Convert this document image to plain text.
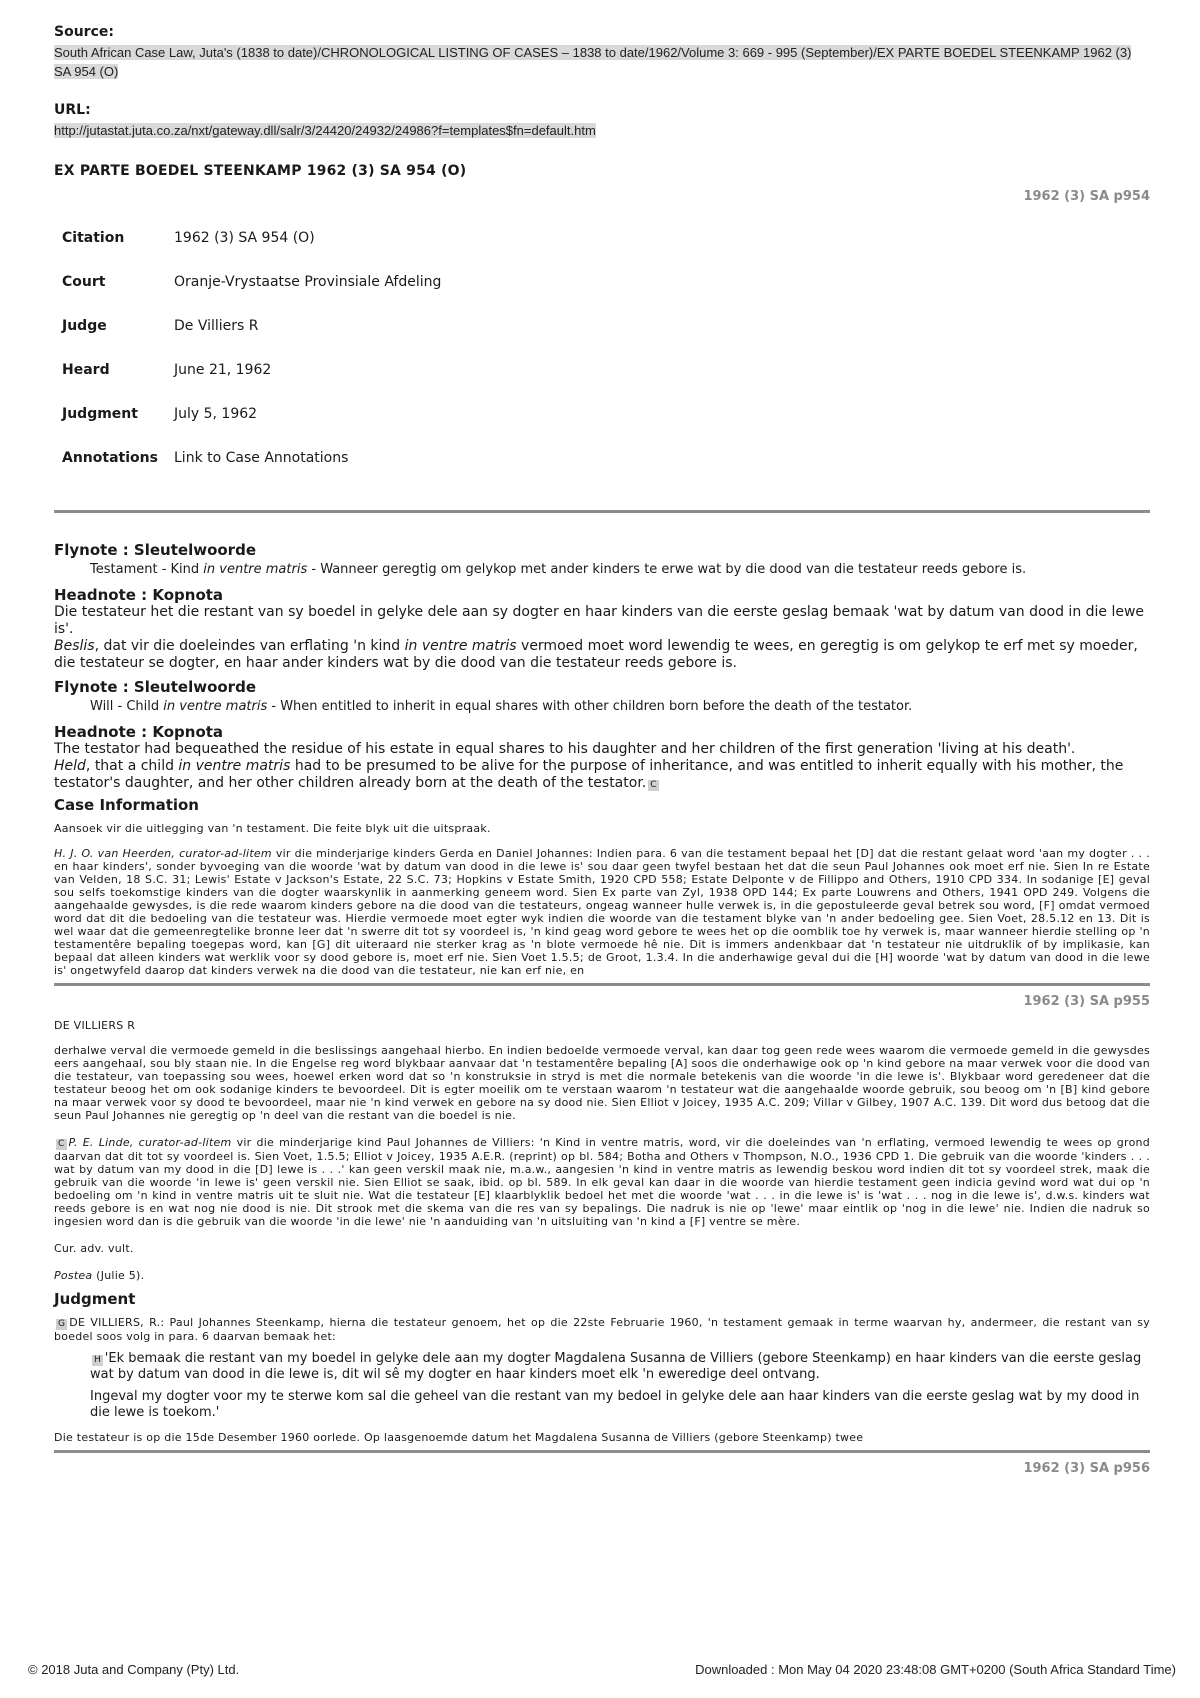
Source:

South African Case Law, Juta's (1838 to date)/CHRONOLOGICAL LISTING OF CASES – 1838 to date/1962/Volume 3: 669 - 995 (September)/EX PARTE BOEDEL STEENKAMP 1962 (3) SA 954 (O)

URL:

http://jutastat.juta.co.za/nxt/gateway.dll/salr/3/24420/24932/24986?f=templates$fn=default.htm
EX PARTE BOEDEL STEENKAMP 1962 (3) SA 954 (O)
1962 (3) SA p954
Citation	1962 (3) SA 954 (O)
Court	Oranje-Vrystaatse Provinsiale Afdeling
Judge	De Villiers R
Heard	June 21, 1962
Judgment	July 5, 1962
Annotations	Link to Case Annotations

Flynote : Sleutelwoorde

Testament - Kind in ventre matris - Wanneer geregtig om gelykop met ander kinders te erwe wat by die dood van die testateur reeds gebore is.

Headnote : Kopnota

Die testateur het die restant van sy boedel in gelyke dele aan sy dogter en haar kinders van die eerste geslag bemaak 'wat by datum van dood in die lewe is'.

Beslis, dat vir die doeleindes van erflating 'n kind in ventre matris vermoed moet word lewendig te wees, en geregtig is om gelykop te erf met sy moeder, die testateur se dogter, en haar ander kinders wat by die dood van die testateur reeds gebore is.

Flynote : Sleutelwoorde

Will - Child in ventre matris - When entitled to inherit in equal shares with other children born before the death of the testator.

Headnote : Kopnota

The testator had bequeathed the residue of his estate in equal shares to his daughter and her children of the first generation 'living at his death'.

Held, that a child in ventre matris had to be presumed to be alive for the purpose of inheritance, and was entitled to inherit equally with his mother, the testator's daughter, and her other children already born at the death of the testator. C

Case Information

Aansoek vir die uitlegging van 'n testament. Die feite blyk uit die uitspraak.

H. J. O. van Heerden, curator-ad-litem vir die minderjarige kinders Gerda en Daniel Johannes: Indien para. 6 van die testament bepaal het [D] dat die restant gelaat word 'aan my dogter . . . en haar kinders', sonder byvoeging van die woorde 'wat by datum van dood in die lewe is' sou daar geen twyfel bestaan het dat die seun Paul Johannes ook moet erf nie. Sien In re Estate van Velden, 18 S.C. 31; Lewis' Estate v Jackson's Estate, 22 S.C. 73; Hopkins v Estate Smith, 1920 CPD 558; Estate Delponte v de Fillippo and Others, 1910 CPD 334. In sodanige [E] geval sou selfs toekomstige kinders van die dogter waarskynlik in aanmerking geneem word. Sien Ex parte van Zyl, 1938 OPD 144; Ex parte Louwrens and Others, 1941 OPD 249. Volgens die aangehaalde gewysdes, is die rede waarom kinders gebore na die dood van die testateurs, ongeag wanneer hulle verwek is, in die gepostuleerde geval betrek sou word, [F] omdat vermoed word dat dit die bedoeling van die testateur was. Hierdie vermoede moet egter wyk indien die woorde van die testament blyke van 'n ander bedoeling gee. Sien Voet, 28.5.12 en 13. Dit is wel waar dat die gemeenregtelike bronne leer dat 'n swerre dit tot sy voordeel is, 'n kind geag word gebore te wees het op die oomblik toe hy verwek is, maar wanneer hierdie stelling op 'n testamentêre bepaling toegepas word, kan [G] dit uiteraard nie sterker krag as 'n blote vermoede hê nie. Dit is immers andenkbaar dat 'n testateur nie uitdruklik of by implikasie, kan bepaal dat alleen kinders wat werklik voor sy dood gebore is, moet erf nie. Sien Voet 1.5.5; de Groot, 1.3.4. In die anderhawige geval dui die [H] woorde 'wat by datum van dood in die lewe is' ongetwyfeld daarop dat kinders verwek na die dood van die testateur, nie kan erf nie, en

1962 (3) SA p955

DE VILLIERS R

derhalwe verval die vermoede gemeld in die beslissings aangehaal hierbo. En indien bedoelde vermoede verval, kan daar tog geen rede wees waarom die vermoede gemeld in die gewysdes eers aangehaal, sou bly staan nie. In die Engelse reg word blykbaar aanvaar dat 'n testamentêre bepaling [A] soos die onderhawige ook op 'n kind gebore na maar verwek voor die dood van die testateur, van toepassing sou wees, hoewel erken word dat so 'n konstruksie in stryd is met die normale betekenis van die woorde 'in die lewe is'. Blykbaar word geredeneer dat die testateur beoog het om ook sodanige kinders te bevoordeel. Dit is egter moeilik om te verstaan waarom 'n testateur wat die aangehaalde woorde gebruik, sou beoog om 'n [B] kind gebore na maar verwek voor sy dood te bevoordeel, maar nie 'n kind verwek en gebore na sy dood nie. Sien Elliot v Joicey, 1935 A.C. 209; Villar v Gilbey, 1907 A.C. 139. Dit word dus betoog dat die seun Paul Johannes nie geregtig op 'n deel van die restant van die boedel is nie.

C P. E. Linde, curator-ad-litem vir die minderjarige kind Paul Johannes de Villiers: 'n Kind in ventre matris, word, vir die doeleindes van 'n erflating, vermoed lewendig te wees op grond daarvan dat dit tot sy voordeel is. Sien Voet, 1.5.5; Elliot v Joicey, 1935 A.E.R. (reprint) op bl. 584; Botha and Others v Thompson, N.O., 1936 CPD 1. Die gebruik van die woorde 'kinders . . . wat by datum van my dood in die [D] lewe is . . .' kan geen verskil maak nie, m.a.w., aangesien 'n kind in ventre matris as lewendig beskou word indien dit tot sy voordeel strek, maak die gebruik van die woorde 'in lewe is' geen verskil nie. Sien Elliot se saak, ibid. op bl. 589. In elk geval kan daar in die woorde van hierdie testament geen indicia gevind word wat dui op 'n bedoeling om 'n kind in ventre matris uit te sluit nie. Wat die testateur [E] klaarblyklik bedoel het met die woorde 'wat . . . in die lewe is' is 'wat . . . nog in die lewe is', d.w.s. kinders wat reeds gebore is en wat nog nie dood is nie. Dit strook met die skema van die res van sy bepalings. Die nadruk is nie op 'lewe' maar eintlik op 'nog in die lewe' nie. Indien die nadruk so ingesien word dan is die gebruik van die woorde 'in die lewe' nie 'n aanduiding van 'n uitsluiting van 'n kind a [F] ventre se mère.

Cur. adv. vult.

Postea (Julie 5).

Judgment

G DE VILLIERS, R.: Paul Johannes Steenkamp, hierna die testateur genoem, het op die 22ste Februarie 1960, 'n testament gemaak in terme waarvan hy, andermeer, die restant van sy boedel soos volg in para. 6 daarvan bemaak het:

H 'Ek bemaak die restant van my boedel in gelyke dele aan my dogter Magdalena Susanna de Villiers (gebore Steenkamp) en haar kinders van die eerste geslag wat by datum van dood in die lewe is, dit wil sê my dogter en haar kinders moet elk 'n eweredige deel ontvang.

Ingeval my dogter voor my te sterwe kom sal die geheel van die restant van my bedoel in gelyke dele aan haar kinders van die eerste geslag wat by my dood in die lewe is toekom.'

Die testateur is op die 15de Desember 1960 oorlede. Op laasgenoemde datum het Magdalena Susanna de Villiers (gebore Steenkamp) twee

1962 (3) SA p956
© 2018 Juta and Company (Pty) Ltd.	Downloaded : Mon May 04 2020 23:48:08 GMT+0200 (South Africa Standard Time)
